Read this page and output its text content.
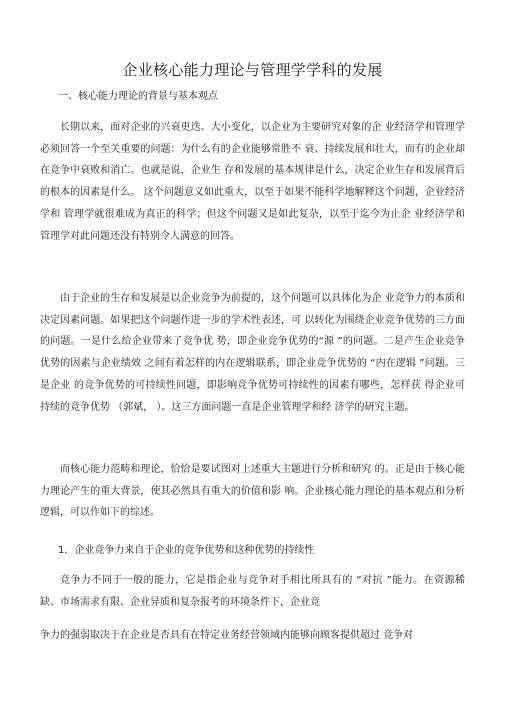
企业核心能力理论与管理学学科的发展
一、核心能力理论的背景与基本观点

长期以来，面对企业的兴衰更迭、大小变化，以企业为主要研究对象的企 业经济学和管理学必须回答一个至关重要的问题：为什么有的企业能够常胜不 衰、持续发展和壮大，而有的企业却在竞争中衰败和消亡。也就是说，企业生 存和发展的基本规律是什么，决定企业生存和发展背后的根本的因素是什么。 这个问题意义如此重大，以至于如果不能科学地解释这个问题，企业经济学和 管理学就很难成为真正的科学；但这个问题又是如此复杂，以至于迄今为止企 业经济学和管理学对此问题还没有特别令人满意的回答。

由于企业的生存和发展是以企业竞争为前提的，这个问题可以具体化为企 业竞争力的本质和决定因素问题。如果把这个问题作进一步的学术性表述，可 以转化为围绕企业竞争优势的三方面的问题。一是什么给企业带来了竞争优 势，即企业竞争优势的“源 ”的问题。二是产生企业竞争优势的因素与企业绩效 之间有着怎样的内在逻辑联系，即企业竞争优势的 “内在逻辑 ”问题。三是企业 的竞争优势的可持续性问题，即影响竞争优势可持续性的因素有哪些，怎样获 得企业可持续的竞争优势 （郭斌， ）。这三方面问题一直是企业管理学和经 济学的研究主题。

而核心能力范畴和理论，恰恰是要试图对上述重大主题进行分析和研究 的。正是由于核心能力理论产生的重大背景，使其必然具有重大的价值和影 响。企业核心能力理论的基本观点和分析逻辑，可以作如下的综述。

1．企业竞争力来自于企业的竞争优势和这种优势的持续性

竞争力不同于一般的能力，它是指企业与竞争对手相比所具有的 “对抗 ”能力。在资源稀缺、市场需求有限、企业异质和复杂报考的环境条件下，企业竞

争力的强弱取决于在企业是否具有在特定业务经营领域内能够向顾客提供超过 竞争对
